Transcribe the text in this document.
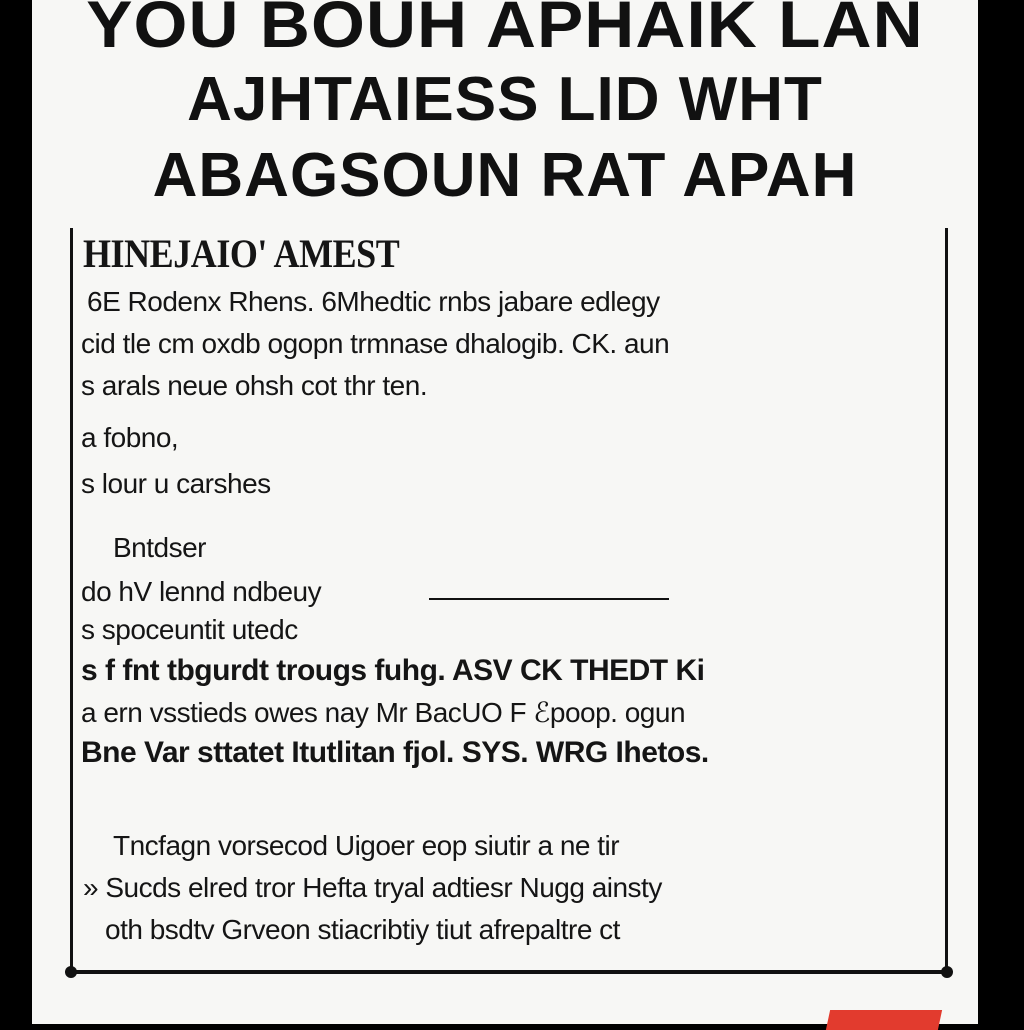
YOU BOUH APHAIK LAN
AJHTAIESS LID WHT
ABAGSOUN RAT APAH
HINEJAIO' AMEST
6E Rodenx Rhens. 6Mhedtic rnbs jabare edlegy
cid tle cm oxdb ogopn trmnase dhalogib. CK. aun
s arals neue ohsh cot thr ten.
a fobno,
s lour u carshes
Bntdser
do hV lennd ndbeuy
s spoceuntit utedc
s f fnt tbgurdt trougs fuhg. ASV CK THEDT Ki
a ern vsstieds owes nay Mr BacUO F ℰpoop. ogun
Bne Var sttatet Itutlitan fjol. SYS. WRG Ihetos.
Tncfagn vorsecod Uigoer eop siutir a ne tir
» Sucds elred tror Hefta tryal adtiesr Nugg ainsty
oth bsdtv Grveon stiacribtiy tiut afrepaltre ct
